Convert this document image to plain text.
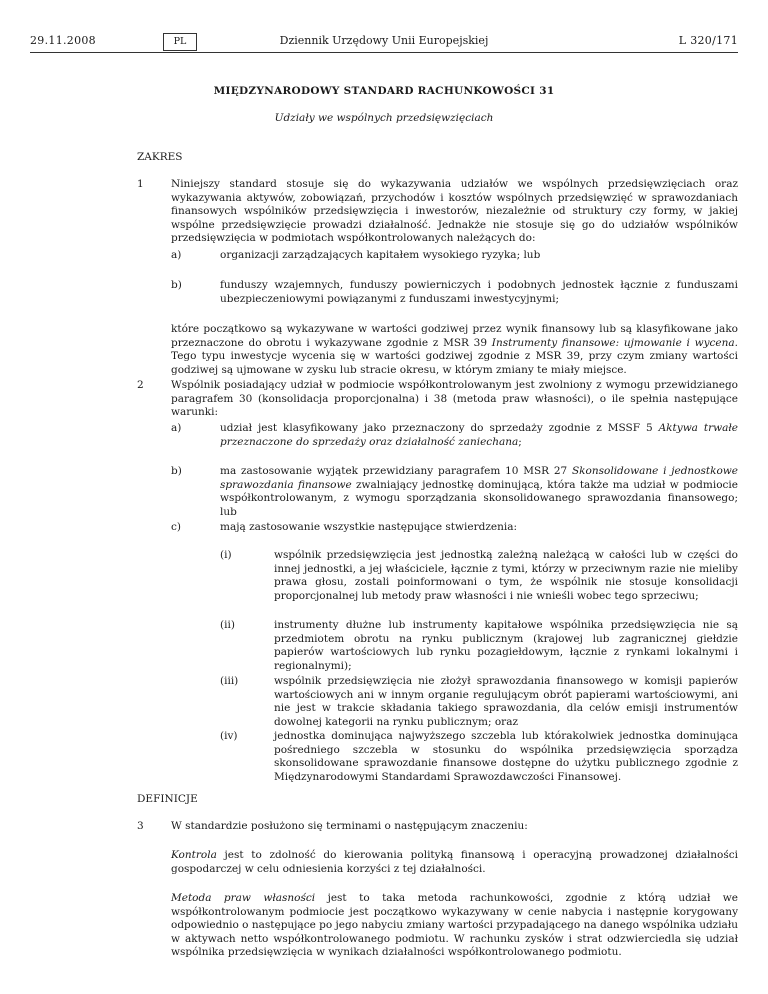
29.11.2008	PL	Dziennik Urzędowy Unii Europejskiej	L 320/171
MIĘDZYNARODOWY STANDARD RACHUNKOWOŚCI 31
Udziały we wspólnych przedsięwzięciach
ZAKRES
1	Niniejszy standard stosuje się do wykazywania udziałów we wspólnych przedsięwzięciach oraz wykazywania aktywów, zobowiązań, przychodów i kosztów wspólnych przedsięwzięć w sprawozdaniach finansowych wspólników przedsięwzięcia i inwestorów, niezależnie od struktury czy formy, w jakiej wspólne przedsięwzięcie prowadzi działalność. Jednakże nie stosuje się go do udziałów wspólników przedsięwzięcia w podmiotach współkontrolowanych należących do:
a)	organizacji zarządzających kapitałem wysokiego ryzyka; lub
b)	funduszy wzajemnych, funduszy powierniczych i podobnych jednostek łącznie z funduszami ubezpieczeniowymi powiązanymi z funduszami inwestycyjnymi;
które początkowo są wykazywane w wartości godziwej przez wynik finansowy lub są klasyfikowane jako przeznaczone do obrotu i wykazywane zgodnie z MSR 39 Instrumenty finansowe: ujmowanie i wycena. Tego typu inwestycje wycenia się w wartości godziwej zgodnie z MSR 39, przy czym zmiany wartości godziwej są ujmowane w zysku lub stracie okresu, w którym zmiany te miały miejsce.
2	Wspólnik posiadający udział w podmiocie współkontrolowanym jest zwolniony z wymogu przewidzianego paragrafem 30 (konsolidacja proporcjonalna) i 38 (metoda praw własności), o ile spełnia następujące warunki:
a)	udział jest klasyfikowany jako przeznaczony do sprzedaży zgodnie z MSSF 5 Aktywa trwałe przeznaczone do sprzedaży oraz działalność zaniechana;
b)	ma zastosowanie wyjątek przewidziany paragrafem 10 MSR 27 Skonsolidowane i jednostkowe sprawozdania finansowe zwalniający jednostkę dominującą, która także ma udział w podmiocie współkontrolowanym, z wymogu sporządzania skonsolidowanego sprawozdania finansowego; lub
c)	mają zastosowanie wszystkie następujące stwierdzenia:
(i)	wspólnik przedsięwzięcia jest jednostką zależną należącą w całości lub w części do innej jednostki, a jej właściciele, łącznie z tymi, którzy w przeciwnym razie nie mieliby prawa głosu, zostali poinformowani o tym, że wspólnik nie stosuje konsolidacji proporcjonalnej lub metody praw własności i nie wnieśli wobec tego sprzeciwu;
(ii)	instrumenty dłużne lub instrumenty kapitałowe wspólnika przedsięwzięcia nie są przedmiotem obrotu na rynku publicznym (krajowej lub zagranicznej giełdzie papierów wartościowych lub rynku pozagiełdowym, łącznie z rynkami lokalnymi i regionalnymi);
(iii)	wspólnik przedsięwzięcia nie złożył sprawozdania finansowego w komisji papierów wartościowych ani w innym organie regulującym obrót papierami wartościowymi, ani nie jest w trakcie składania takiego sprawozdania, dla celów emisji instrumentów dowolnej kategorii na rynku publicznym; oraz
(iv)	jednostka dominująca najwyższego szczebla lub którakolwiek jednostka dominująca pośredniego szczebla w stosunku do wspólnika przedsięwzięcia sporządza skonsolidowane sprawozdanie finansowe dostępne do użytku publicznego zgodnie z Międzynarodowymi Standardami Sprawozdawczości Finansowej.
DEFINICJE
3	W standardzie posłużono się terminami o następującym znaczeniu:
Kontrola jest to zdolność do kierowania polityką finansową i operacyjną prowadzonej działalności gospodarczej w celu odniesienia korzyści z tej działalności.
Metoda praw własności jest to taka metoda rachunkowości, zgodnie z którą udział we współkontrolowanym podmiocie jest początkowo wykazywany w cenie nabycia i następnie korygowany odpowiednio o następujące po jego nabyciu zmiany wartości przypadającego na danego wspólnika udziału w aktywach netto współkontrolowanego podmiotu. W rachunku zysków i strat odzwierciedla się udział wspólnika przedsięwzięcia w wynikach działalności współkontrolowanego podmiotu.
